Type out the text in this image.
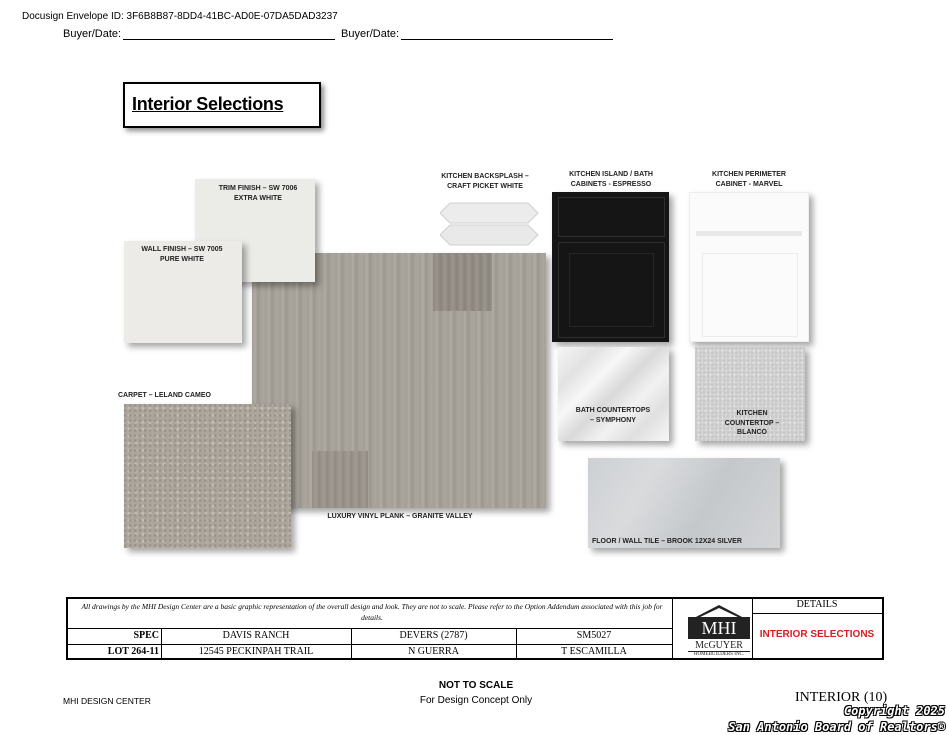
Docusign Envelope ID: 3F6B8B87-8DD4-41BC-AD0E-07DA5DAD3237
Buyer/Date:	Buyer/Date:
Interior Selections
LUXURY VINYL PLANK – GRANITE VALLEY
TRIM FINISH – SW 7006 EXTRA WHITE
WALL FINISH – SW 7005 PURE WHITE
CARPET – LELAND CAMEO
KITCHEN BACKSPLASH – CRAFT PICKET WHITE
KITCHEN ISLAND / BATH CABINETS - ESPRESSO
KITCHEN PERIMETER CABINET - MARVEL
BATH COUNTERTOPS – SYMPHONY
KITCHEN COUNTERTOP – BLANCO
FLOOR / WALL TILE – BROOK 12X24 SILVER
All drawings by the MHI Design Center are a basic graphic representation of the overall design and look. They are not to scale. Please refer to the Option Addendum associated with this job for details.
SPEC	DAVIS RANCH	DEVERS (2787)	SM5027
LOT 264-11	12545 PECKINPAH TRAIL	N GUERRA	T ESCAMILLA
MHI
McGUYER
HOMEBUILDERS INC.
DETAILS
INTERIOR SELECTIONS
MHI DESIGN CENTER
NOT TO SCALE
For Design Concept Only	INTERIOR (10)
Copyright 2025
San Antonio Board of Realtors®
